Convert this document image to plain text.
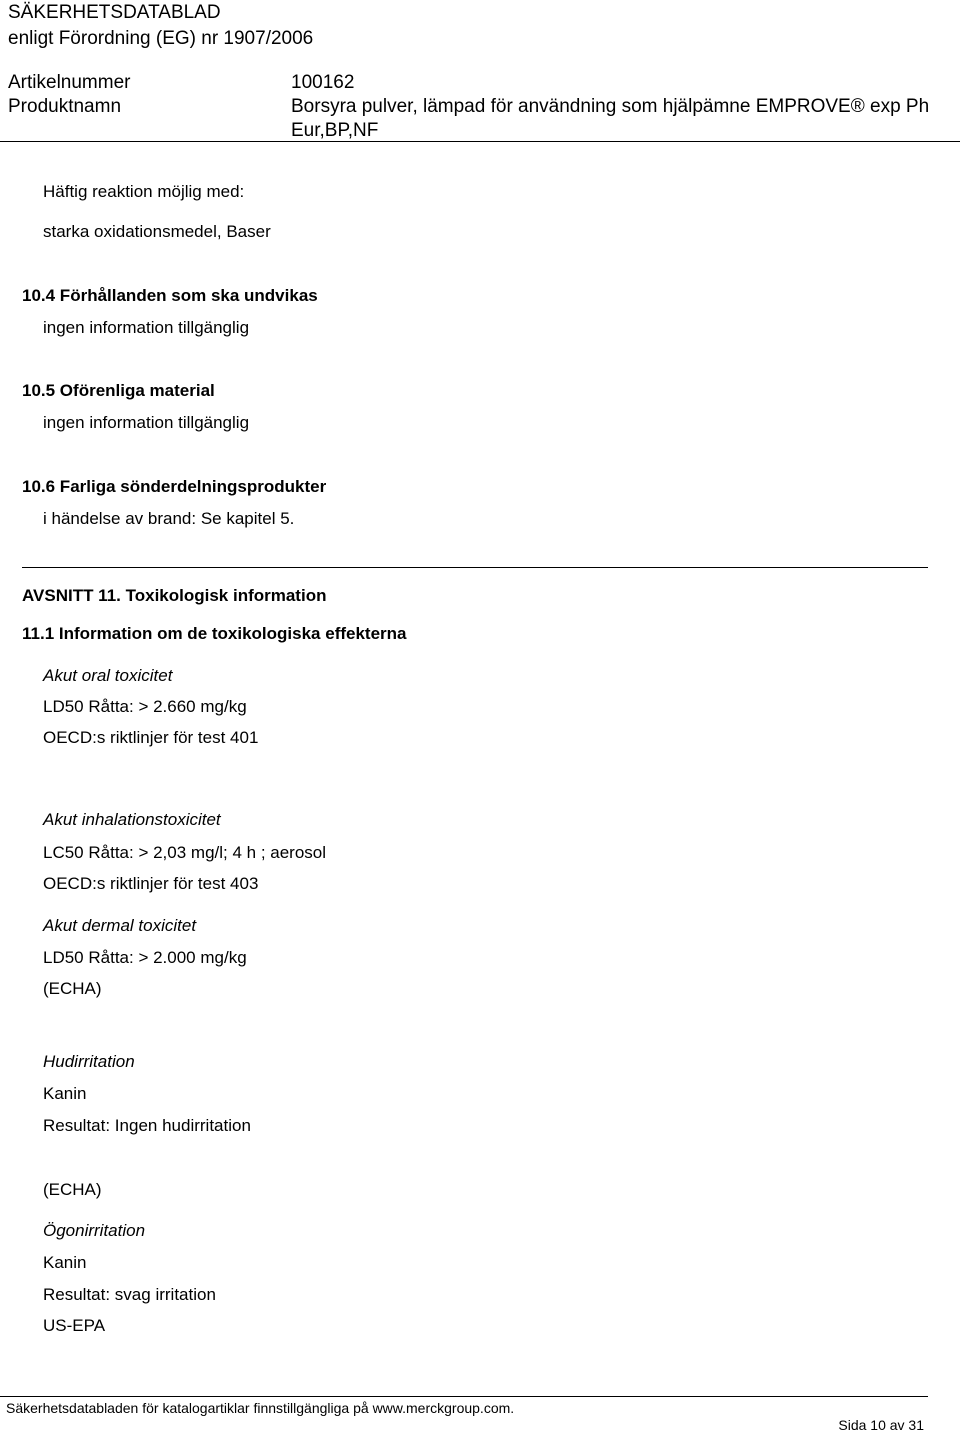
SÄKERHETSDATABLAD
enligt Förordning (EG) nr 1907/2006
Artikelnummer	100162
Produktnamn	Borsyra pulver, lämpad för användning som hjälpämne EMPROVE® exp Ph
Eur,BP,NF
Häftig reaktion möjlig med:
starka oxidationsmedel, Baser
10.4 Förhållanden som ska undvikas
ingen information tillgänglig
10.5 Oförenliga material
ingen information tillgänglig
10.6 Farliga sönderdelningsprodukter
i händelse av brand: Se kapitel 5.
AVSNITT 11. Toxikologisk information
11.1 Information om de toxikologiska effekterna
Akut oral toxicitet
LD50 Råtta: > 2.660 mg/kg
OECD:s riktlinjer för test 401
Akut inhalationstoxicitet
LC50 Råtta: > 2,03 mg/l; 4 h ; aerosol
OECD:s riktlinjer för test 403
Akut dermal toxicitet
LD50 Råtta: > 2.000 mg/kg
(ECHA)
Hudirritation
Kanin
Resultat: Ingen hudirritation
(ECHA)
Ögonirritation
Kanin
Resultat: svag irritation
US-EPA
Säkerhetsdatabladen för katalogartiklar finnstillgängliga på www.merckgroup.com.
Sida 10 av 31
